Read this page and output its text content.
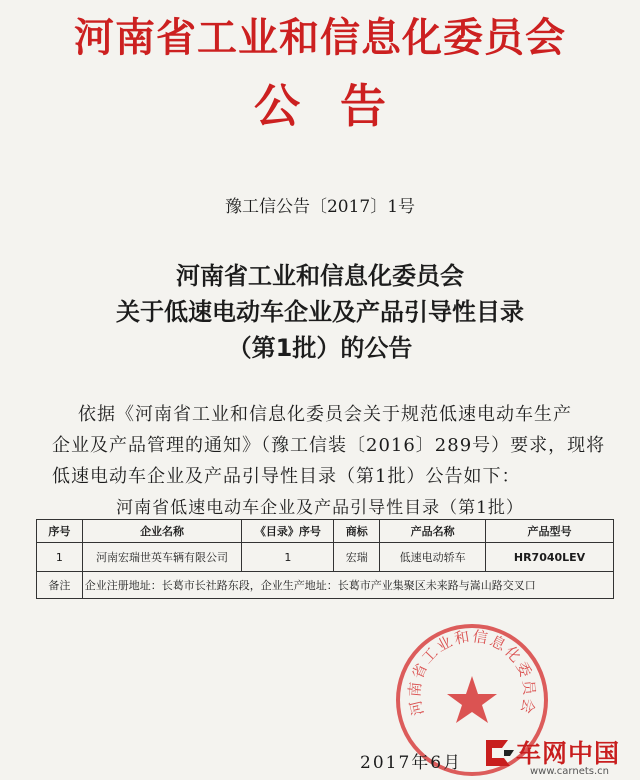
河南省工业和信息化委员会
公告
豫工信公告〔2017〕1号
河南省工业和信息化委员会
关于低速电动车企业及产品引导性目录
（第1批）的公告
依据《河南省工业和信息化委员会关于规范低速电动车生产
企业及产品管理的通知》（豫工信装〔2016〕289号）要求，现将
低速电动车企业及产品引导性目录（第1批）公告如下：
河南省低速电动车企业及产品引导性目录（第1批）
序号	企业名称	《目录》序号	商标	产品名称	产品型号
1	河南宏瑞世英车辆有限公司	1	宏瑞	低速电动轿车	HR7040LEV
备注	企业注册地址：长葛市长社路东段，企业生产地址：长葛市产业集聚区未来路与嵩山路交叉口				
河南省工业和信息化委员会
2017年6月 车网中国
www.carnets.cn
